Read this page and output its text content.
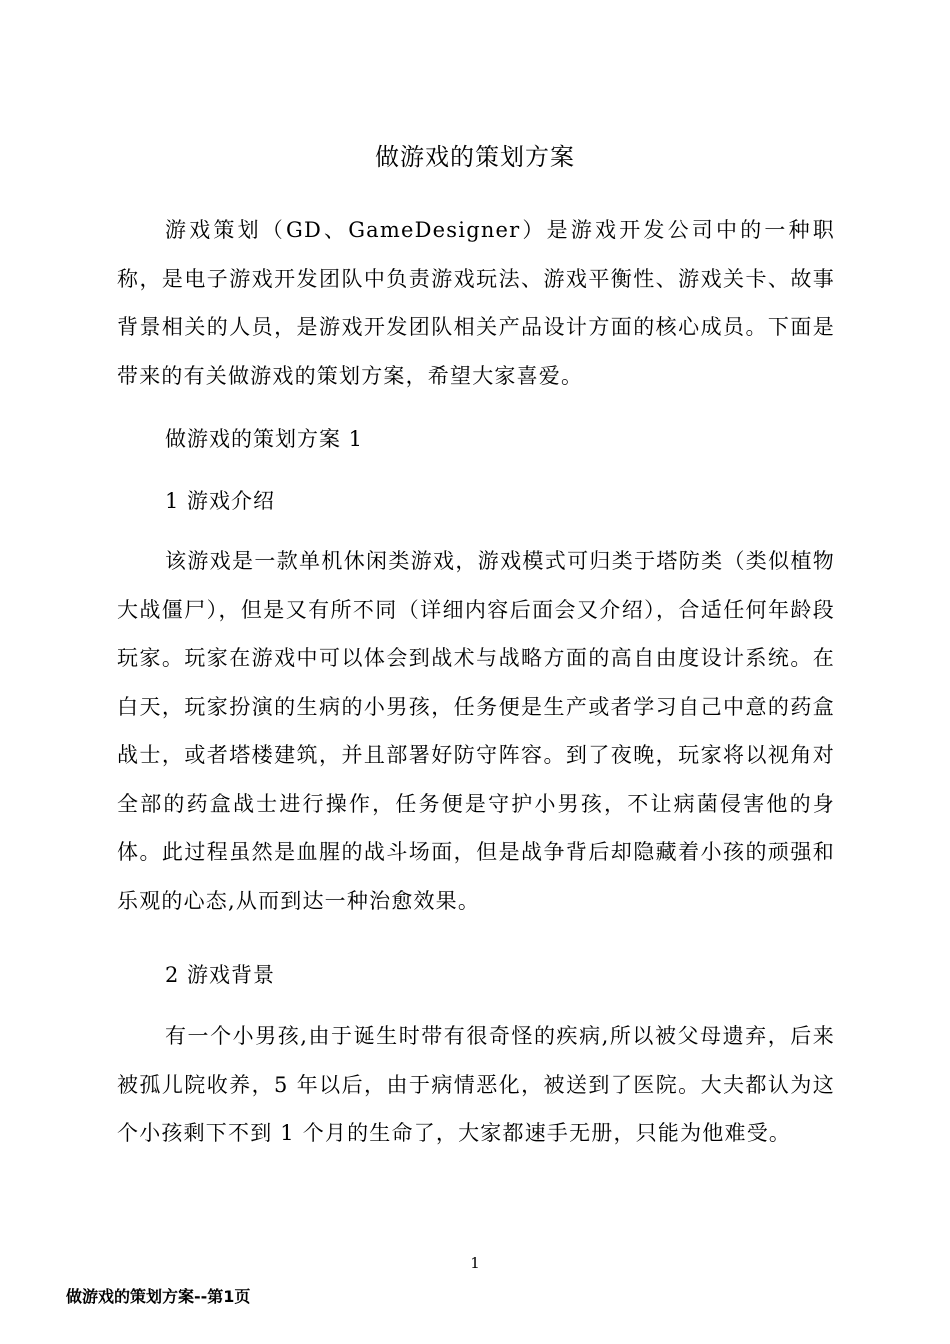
做游戏的策划方案

游戏策划（GD、GameDesigner）是游戏开发公司中的一种职称，是电子游戏开发团队中负责游戏玩法、游戏平衡性、游戏关卡、故事背景相关的人员，是游戏开发团队相关产品设计方面的核心成员。下面是带来的有关做游戏的策划方案，希望大家喜爱。

做游戏的策划方案 1

1 游戏介绍

该游戏是一款单机休闲类游戏，游戏模式可归类于塔防类（类似植物大战僵尸），但是又有所不同（详细内容后面会又介绍），合适任何年龄段玩家。玩家在游戏中可以体会到战术与战略方面的高自由度设计系统。在白天，玩家扮演的生病的小男孩，任务便是生产或者学习自己中意的药盒战士，或者塔楼建筑，并且部署好防守阵容。到了夜晚，玩家将以视角对全部的药盒战士进行操作，任务便是守护小男孩，不让病菌侵害他的身体。此过程虽然是血腥的战斗场面，但是战争背后却隐藏着小孩的顽强和乐观的心态,从而到达一种治愈效果。

2 游戏背景

有一个小男孩,由于诞生时带有很奇怪的疾病,所以被父母遗弃，后来被孤儿院收养，5 年以后，由于病情恶化，被送到了医院。大夫都认为这个小孩剩下不到 1 个月的生命了，大家都速手无册，只能为他难受。

1
做游戏的策划方案--第1页
